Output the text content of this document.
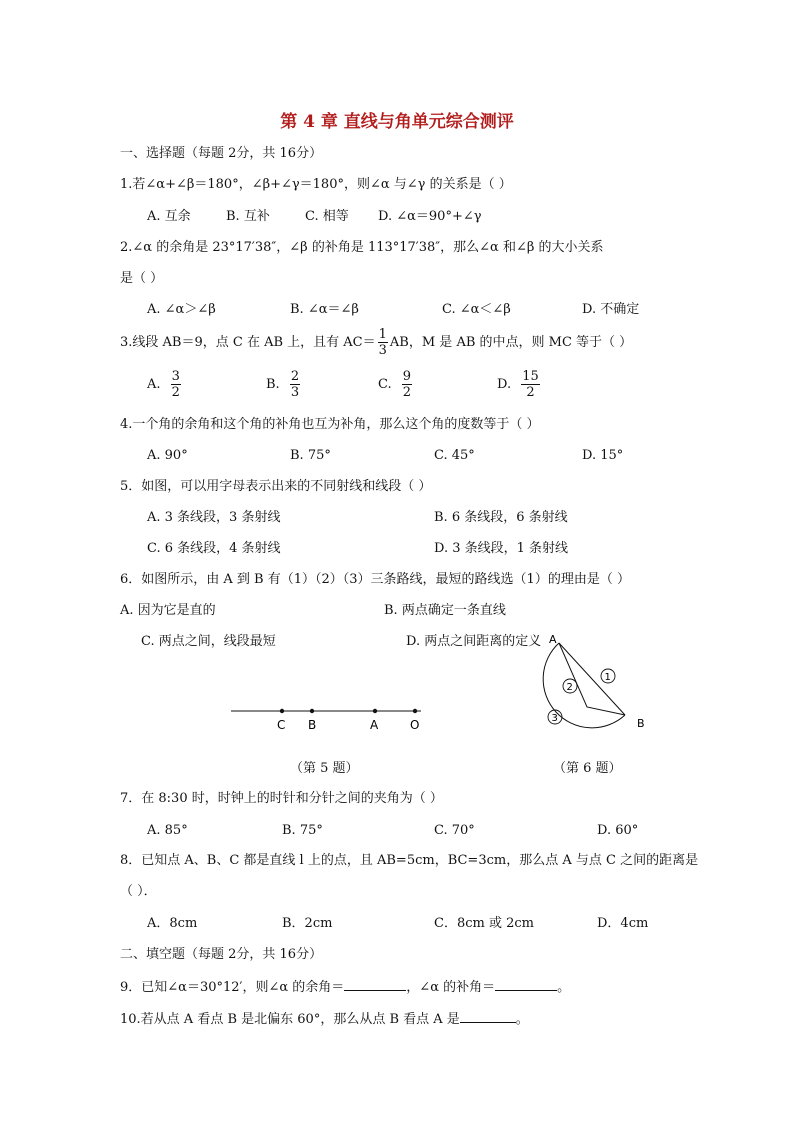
第 4 章 直线与角单元综合测评
一、选择题（每题 2分，共 16分）
1.若∠α+∠β＝180°，∠β+∠γ＝180°，则∠α 与∠γ 的关系是（ ）
A. 互余	B. 互补	C. 相等 D. ∠α＝90°+∠γ
2.∠α 的余角是 23°17′38″，∠β 的补角是 113°17′38″，那么∠α 和∠β 的大小关系
是（ ）
A. ∠α＞∠β	B. ∠α＝∠β	C. ∠α＜∠β	D. 不确定
3.线段 AB＝9，点 C 在 AB 上，且有 $AC= \frac{1}{3}$ AB，M 是 AB 的中点，则 MC 等于（ ）
A. $\frac{3}{2}$	B. $\frac{2}{3}$	C. $\frac{9}{2}$	D. $\frac{15}{2}$
4.一个角的余角和这个角的补角也互为补角，那么这个角的度数等于（ ）
A. 90°	B. 75°	C. 45°	D. 15°
5．如图，可以用字母表示出来的不同射线和线段（ ）
A. 3 条线段，3 条射线	B. 6 条线段，6 条射线
C. 6 条线段，4 条射线	D. 3 条线段，1 条射线
6．如图所示，由 A 到 B 有（1）（2）（3）三条路线，最短的路线选（1）的理由是（ ）
A. 因为它是直的	B. 两点确定一条直线
C. 两点之间，线段最短	D. 两点之间距离的定义
C B	A	O
A
B
1
2
3
（第 5 题）	（第 6 题）
7．在 8:30 时，时钟上的时针和分针之间的夹角为（ ）
A. 85°	B. 75°	C. 70°	D. 60°
8．已知点 A、B、C 都是直线 l 上的点，且 AB=5cm，BC=3cm，那么点 A 与点 C 之间的距离是
（ ）．
A．8cm	B．2cm	C．8cm 或 2cm	D．4cm
二、填空题（每题 2分，共 16分）
9．已知∠α＝30°12′，则∠α 的余角＝	，∠α 的补角＝	。
10.若从点 A 看点 B 是北偏东 60°，那么从点 B 看点 A 是	。
